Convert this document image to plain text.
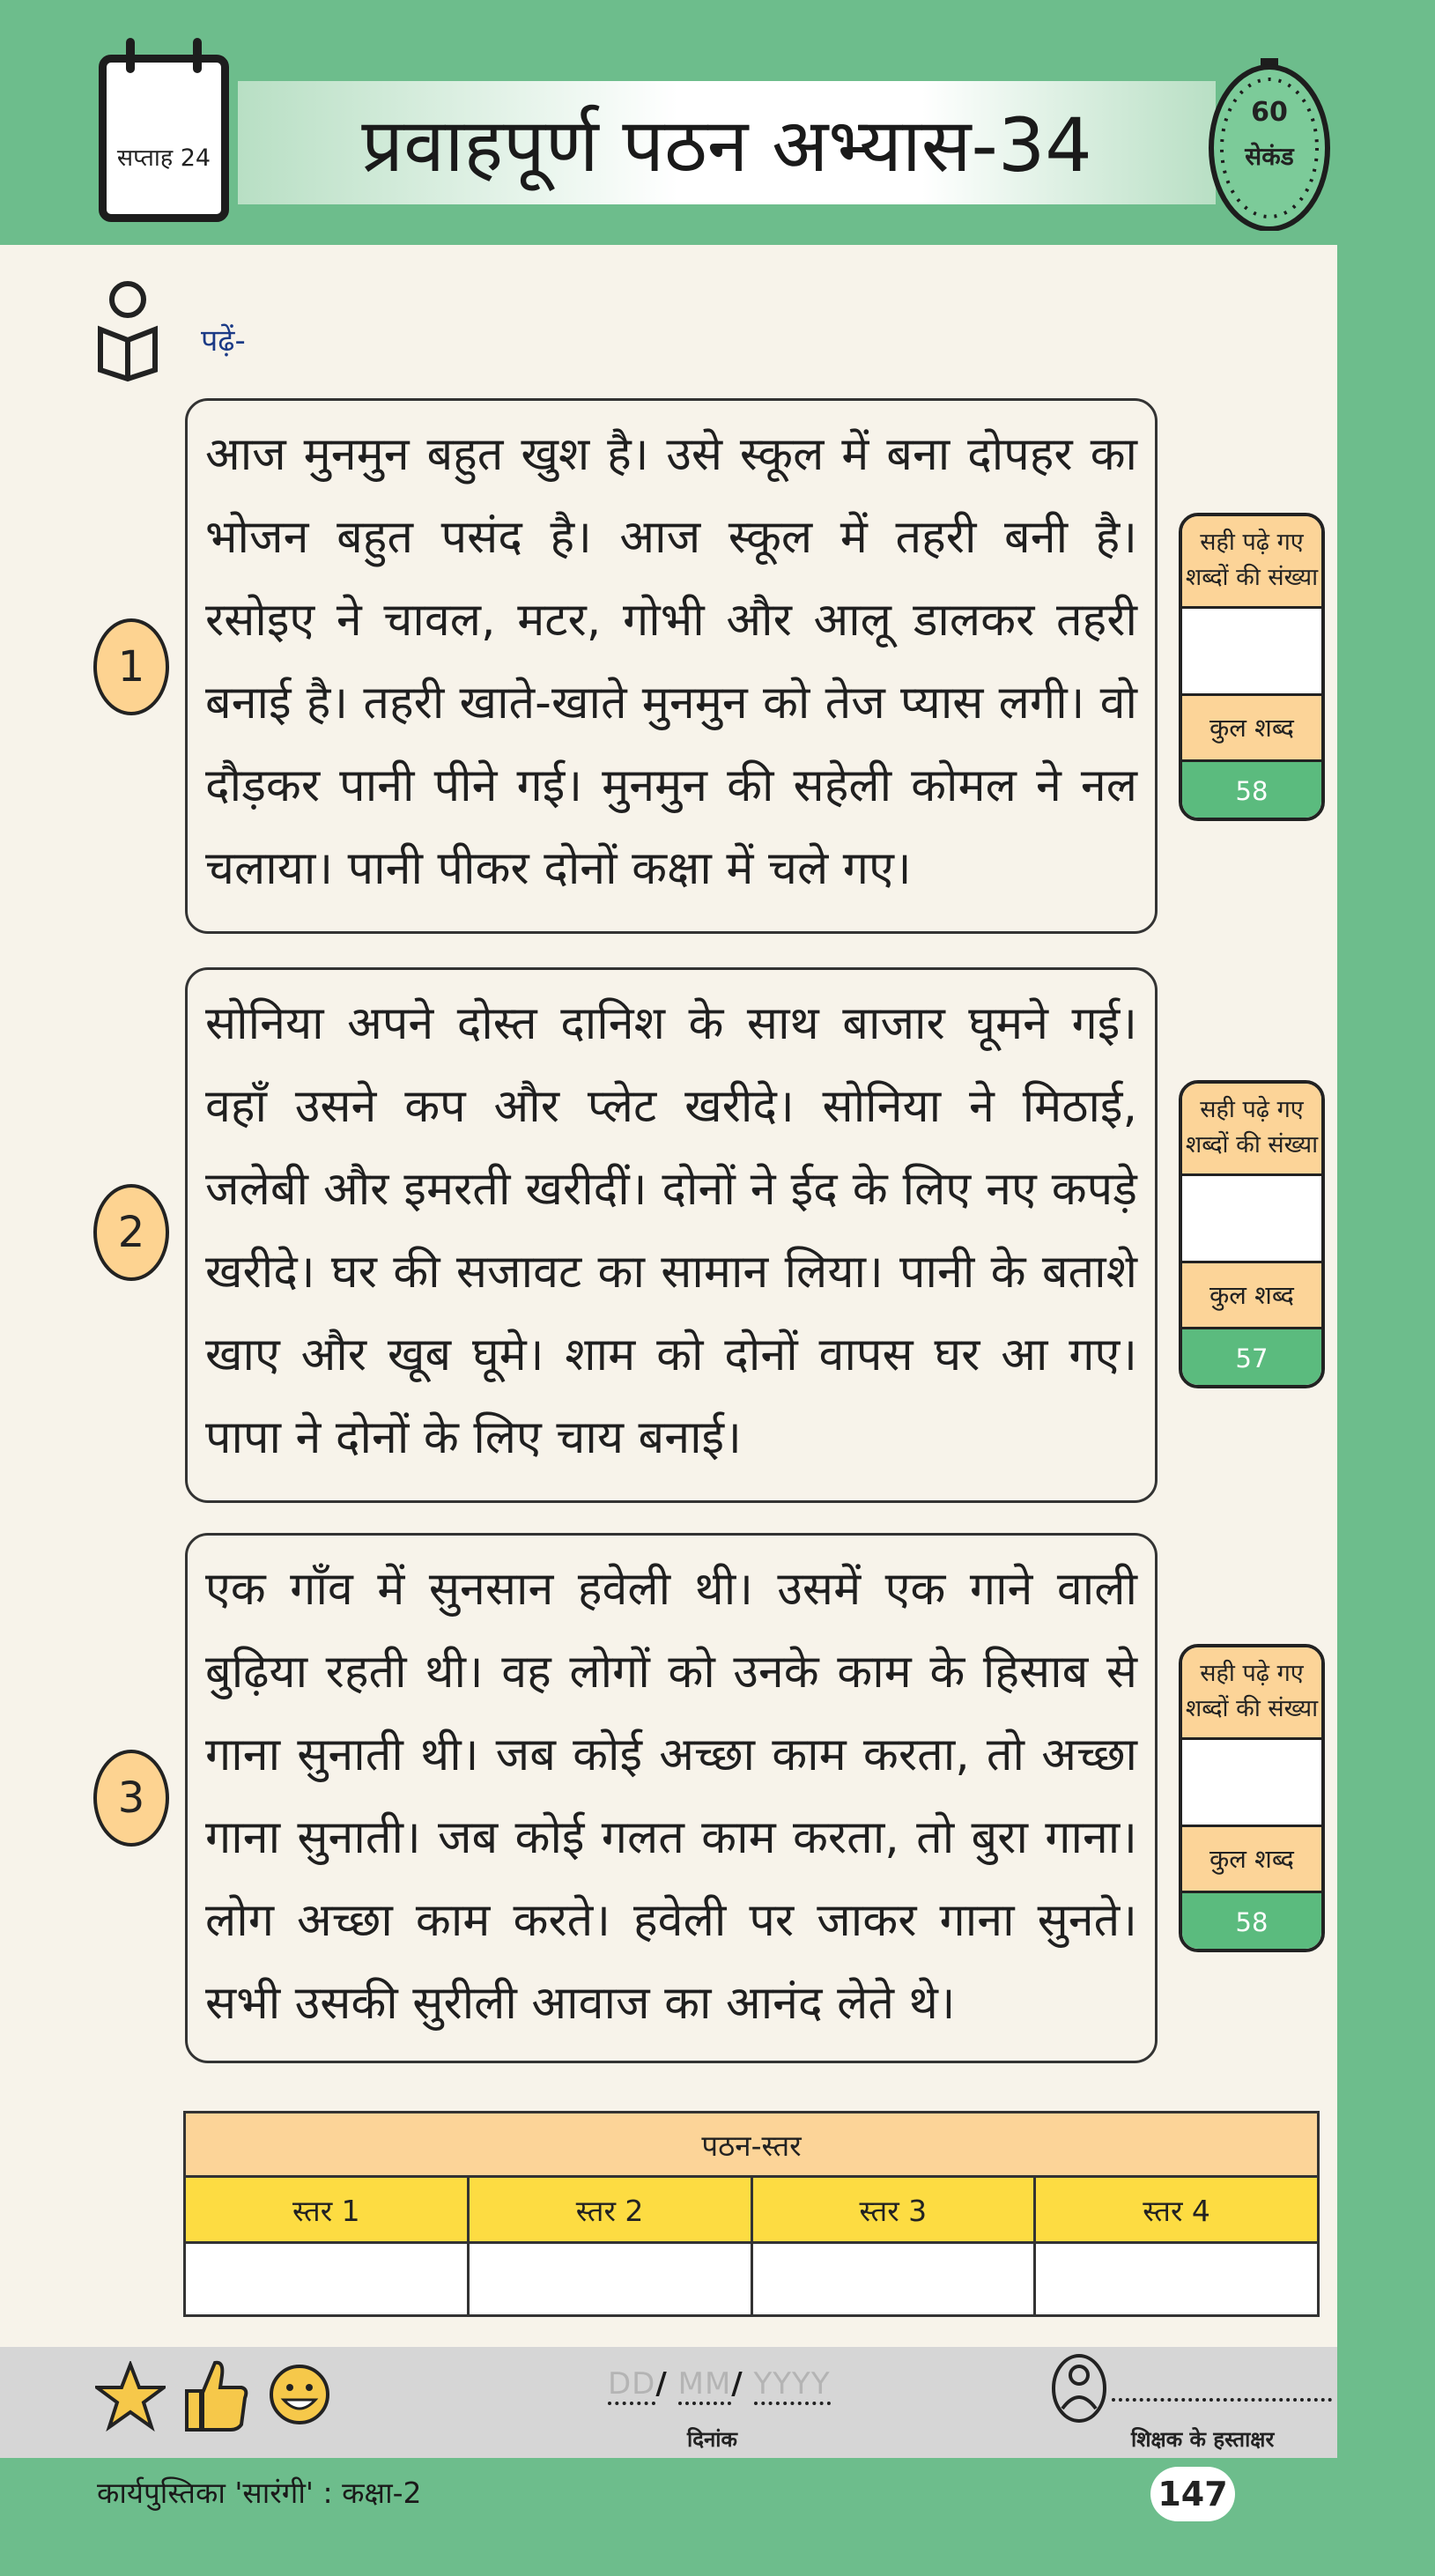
सप्ताह 24	प्रवाहपूर्ण पठन अभ्यास-34	60
सेकंड
पढ़ें-
1

आज मुनमुन बहुत खुश है। उसे स्कूल में बना दोपहर का भोजन बहुत पसंद है। आज स्कूल में तहरी बनी है। रसोइए ने चावल, मटर, गोभी और आलू डालकर तहरी बनाई है। तहरी खाते-खाते मुनमुन को तेज प्यास लगी। वो दौड़कर पानी पीने गई। मुनमुन की सहेली कोमल ने नल चलाया। पानी पीकर दोनों कक्षा में चले गए।

सही पढ़े गए शब्दों की संख्या
कुल शब्द
58
2

सोनिया अपने दोस्त दानिश के साथ बाजार घूमने गई। वहाँ उसने कप और प्लेट खरीदे। सोनिया ने मिठाई, जलेबी और इमरती खरीदीं। दोनों ने ईद के लिए नए कपड़े खरीदे। घर की सजावट का सामान लिया। पानी के बताशे खाए और खूब घूमे। शाम को दोनों वापस घर आ गए। पापा ने दोनों के लिए चाय बनाई।

सही पढ़े गए शब्दों की संख्या
कुल शब्द
57
3

एक गाँव में सुनसान हवेली थी। उसमें एक गाने वाली बुढ़िया रहती थी। वह लोगों को उनके काम के हिसाब से गाना सुनाती थी। जब कोई अच्छा काम करता, तो अच्छा गाना सुनाती। जब कोई गलत काम करता, तो बुरा गाना। लोग अच्छा काम करते। हवेली पर जाकर गाना सुनते। सभी उसकी सुरीली आवाज का आनंद लेते थे।

सही पढ़े गए शब्दों की संख्या
कुल शब्द
58
पठन-स्तर			
स्तर 1	स्तर 2	स्तर 3	स्तर 4

DD/ MM/ YYYY
दिनांक	शिक्षक के हस्ताक्षर
कार्यपुस्तिका 'सारंगी' : कक्षा-2	147
